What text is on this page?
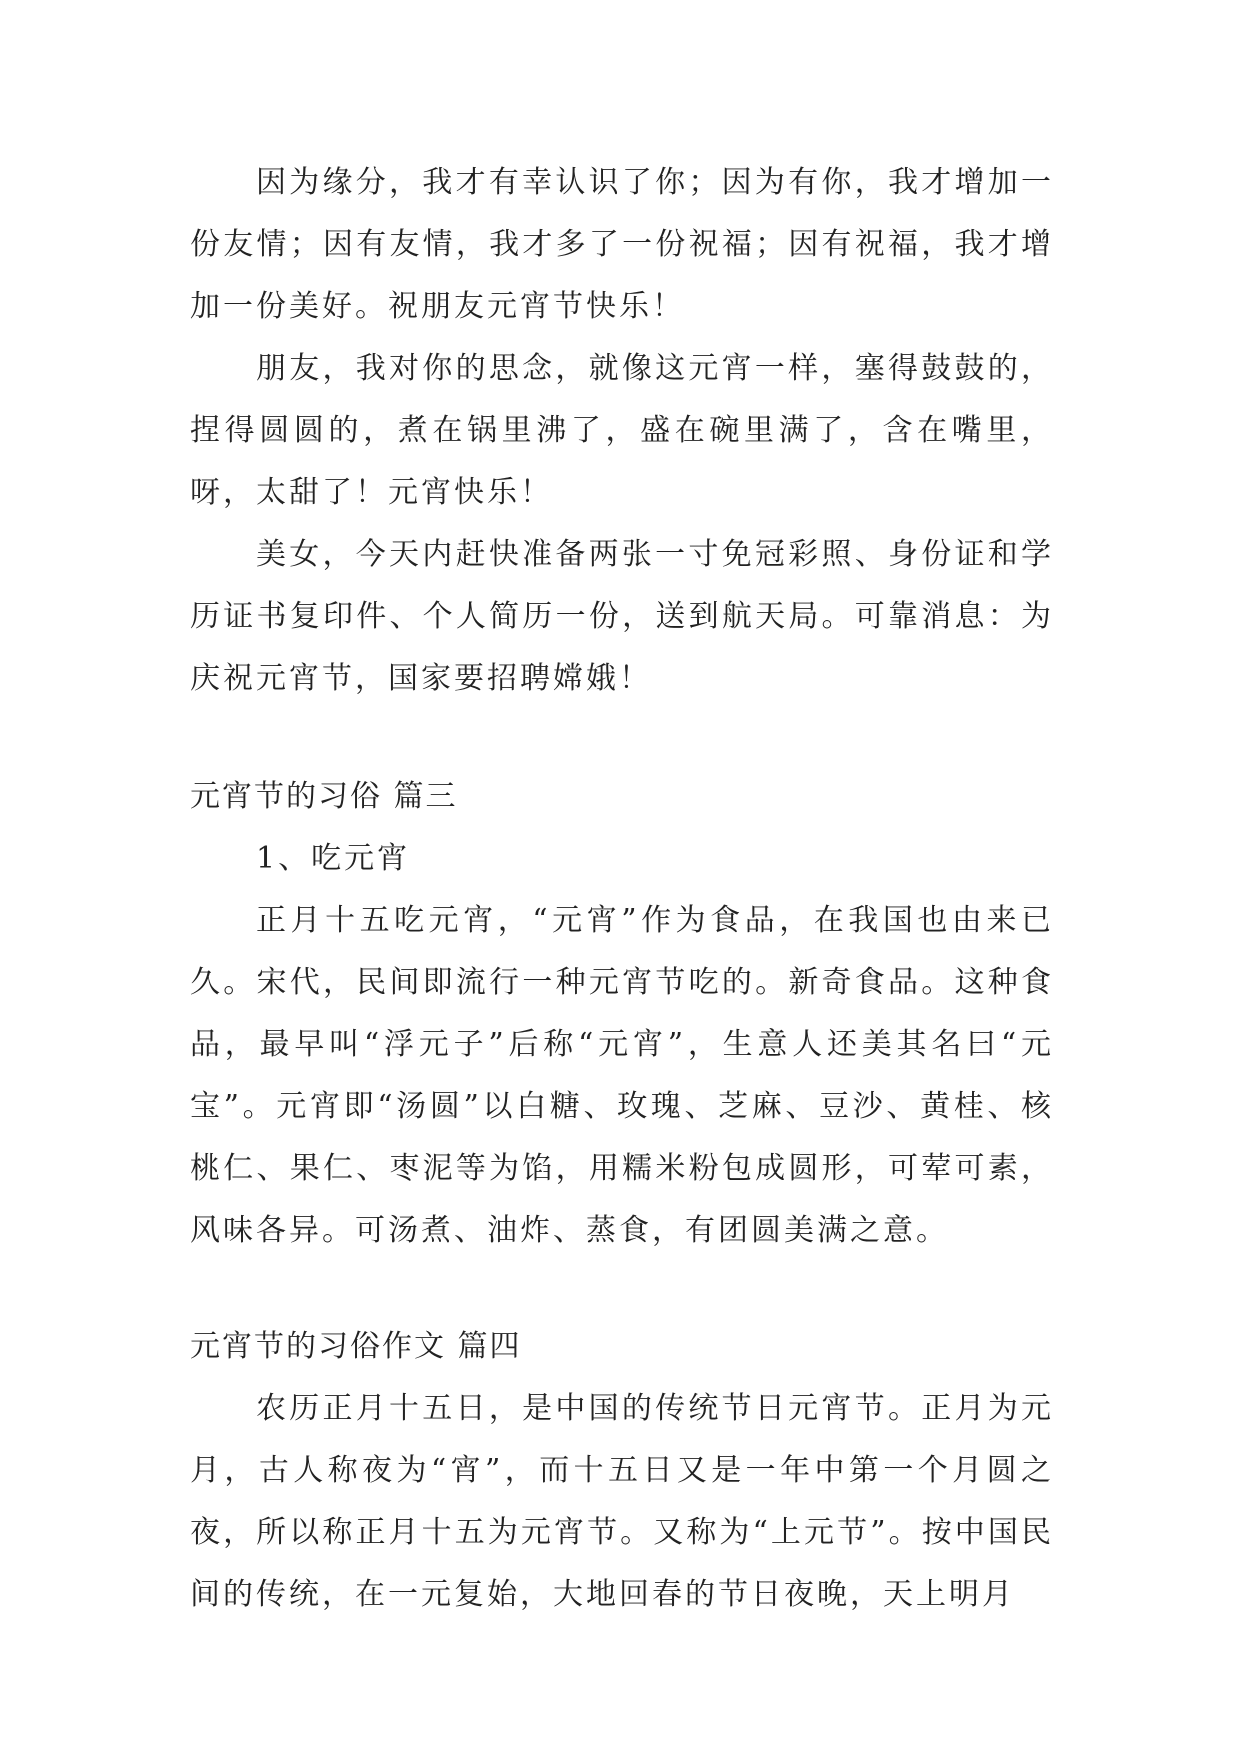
因为缘分，我才有幸认识了你；因为有你，我才增加一份友情；因有友情，我才多了一份祝福；因有祝福，我才增加一份美好。祝朋友元宵节快乐！

朋友，我对你的思念，就像这元宵一样，塞得鼓鼓的，捏得圆圆的，煮在锅里沸了，盛在碗里满了，含在嘴里，呀，太甜了！元宵快乐！

美女，今天内赶快准备两张一寸免冠彩照、身份证和学历证书复印件、个人简历一份，送到航天局。可靠消息：为庆祝元宵节，国家要招聘嫦娥！

元宵节的习俗 篇三

1、吃元宵

正月十五吃元宵，“元宵”作为食品，在我国也由来已久。宋代，民间即流行一种元宵节吃的。新奇食品。这种食品，最早叫“浮元子”后称“元宵”，生意人还美其名曰“元宝”。元宵即“汤圆”以白糖、玫瑰、芝麻、豆沙、黄桂、核桃仁、果仁、枣泥等为馅，用糯米粉包成圆形，可荤可素，风味各异。可汤煮、油炸、蒸食，有团圆美满之意。

元宵节的习俗作文 篇四

农历正月十五日，是中国的传统节日元宵节。正月为元月，古人称夜为“宵”，而十五日又是一年中第一个月圆之夜，所以称正月十五为元宵节。又称为“上元节”。按中国民间的传统，在一元复始，大地回春的节日夜晚，天上明月
